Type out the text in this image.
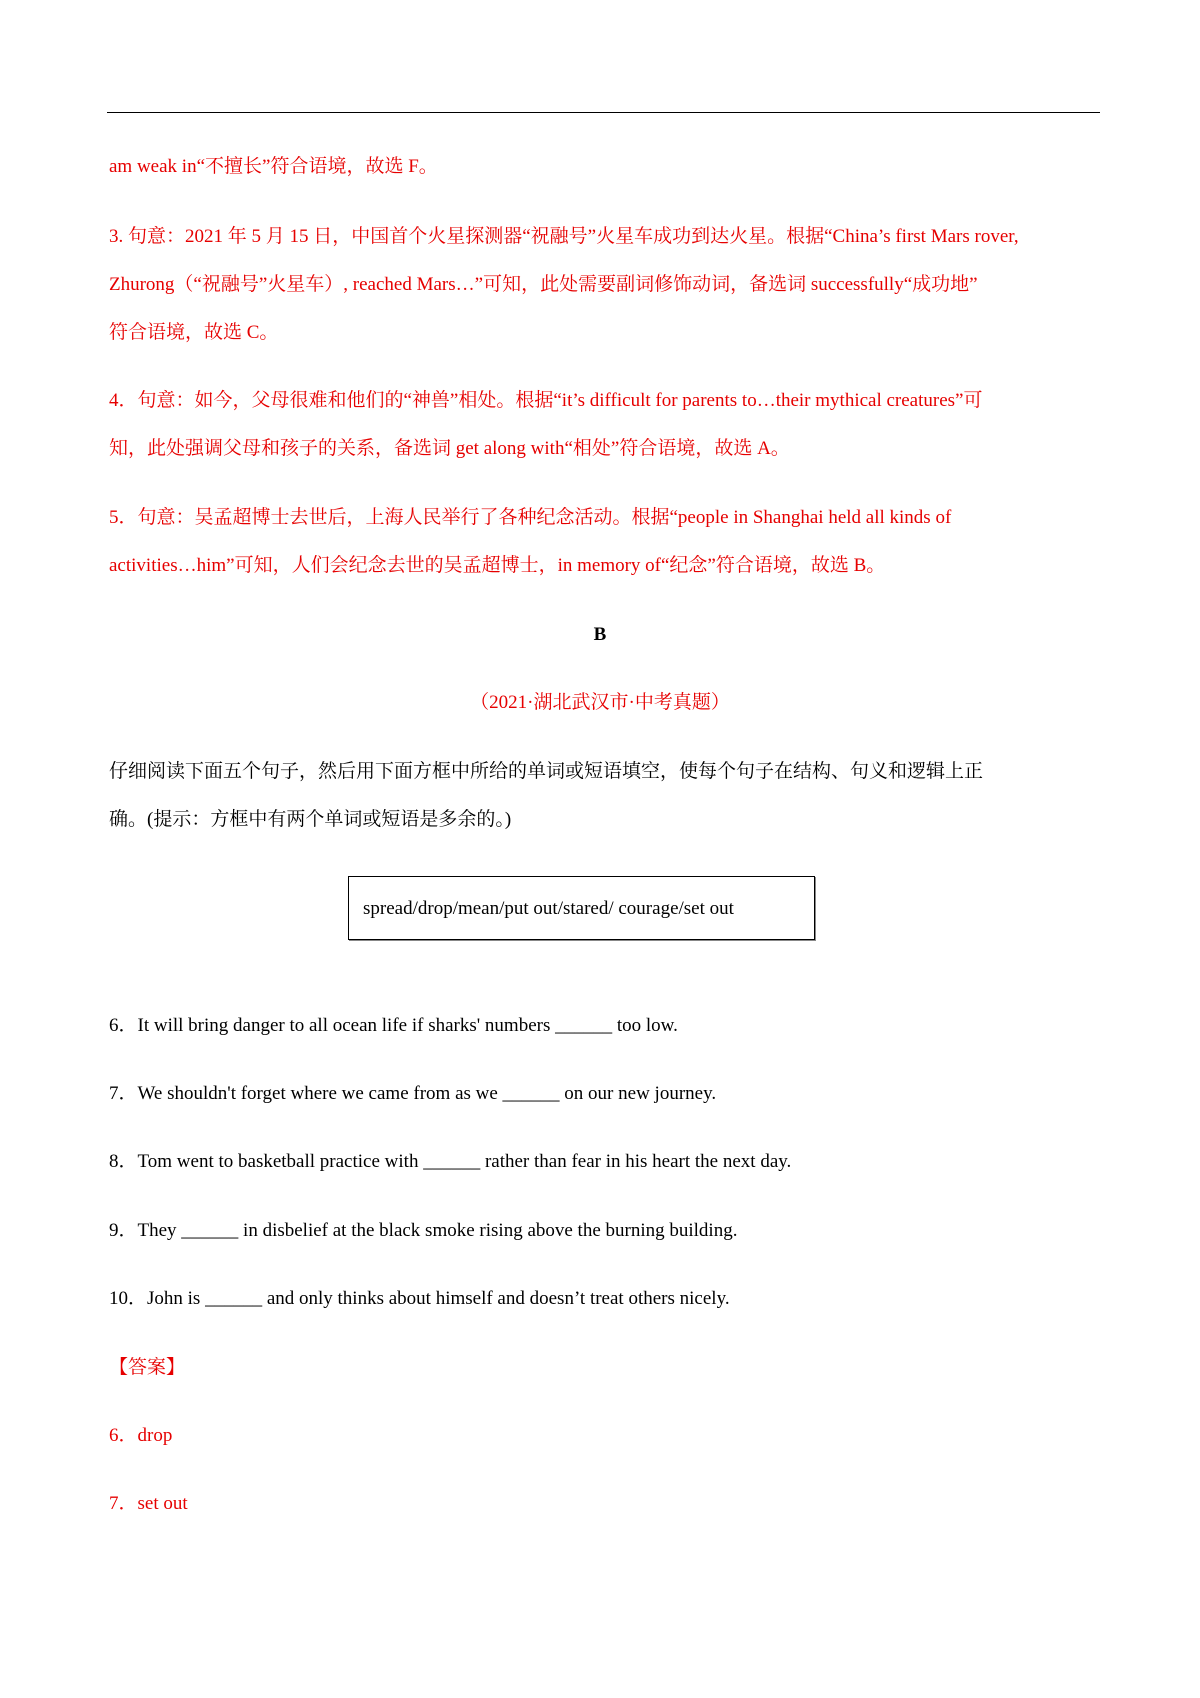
am weak in“不擅长”符合语境，故选 F。
3. 句意：2021 年 5 月 15 日，中国首个火星探测器“祝融号”火星车成功到达火星。根据“China’s first Mars rover,
Zhurong（“祝融号”火星车）, reached Mars…”可知，此处需要副词修饰动词，备选词 successfully“成功地”
符合语境，故选 C。
4．句意：如今，父母很难和他们的“神兽”相处。根据“it’s difficult for parents to…their mythical creatures”可
知，此处强调父母和孩子的关系，备选词 get along with“相处”符合语境，故选 A。
5．句意：吴孟超博士去世后，上海人民举行了各种纪念活动。根据“people in Shanghai held all kinds of
activities…him”可知，人们会纪念去世的吴孟超博士，in memory of“纪念”符合语境，故选 B。
B
（2021·湖北武汉市·中考真题）
仔细阅读下面五个句子，然后用下面方框中所给的单词或短语填空，使每个句子在结构、句义和逻辑上正
确。(提示：方框中有两个单词或短语是多余的。)
spread/drop/mean/put out/stared/ courage/set out
6．It will bring danger to all ocean life if sharks' numbers ______ too low.
7．We shouldn't forget where we came from as we ______ on our new journey.
8．Tom went to basketball practice with ______ rather than fear in his heart the next day.
9．They ______ in disbelief at the black smoke rising above the burning building.
10．John is ______ and only thinks about himself and doesn’t treat others nicely.
【答案】
6．drop
7．set out
